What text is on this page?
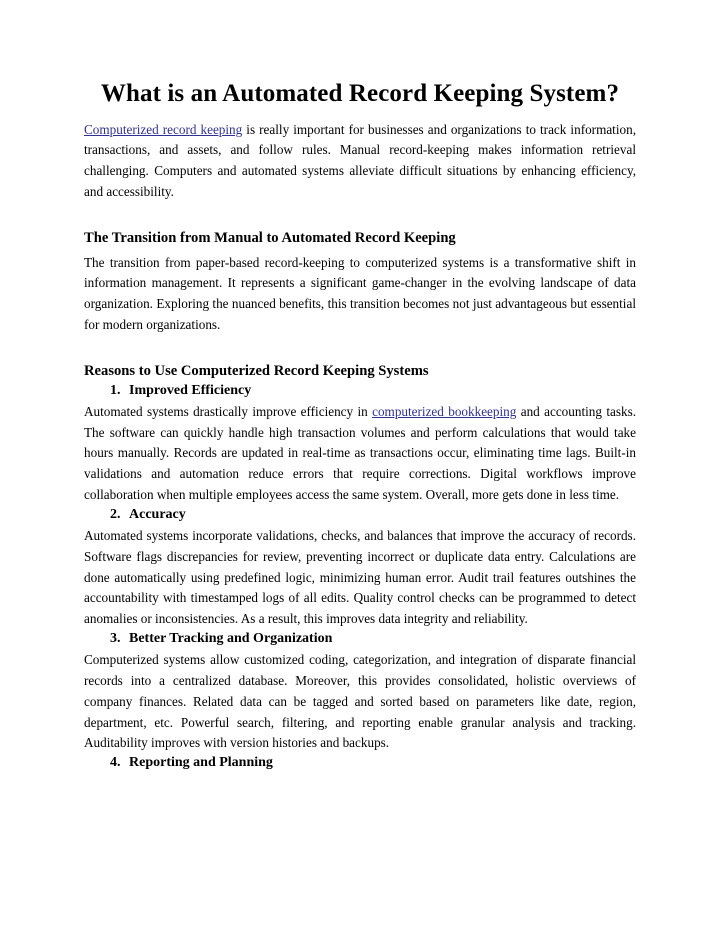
What is an Automated Record Keeping System?

Computerized record keeping is really important for businesses and organizations to track information, transactions, and assets, and follow rules. Manual record-keeping makes information retrieval challenging. Computers and automated systems alleviate difficult situations by enhancing efficiency, and accessibility.

The Transition from Manual to Automated Record Keeping

The transition from paper-based record-keeping to computerized systems is a transformative shift in information management. It represents a significant game-changer in the evolving landscape of data organization. Exploring the nuanced benefits, this transition becomes not just advantageous but essential for modern organizations.

Reasons to Use Computerized Record Keeping Systems
1. Improved Efficiency

Automated systems drastically improve efficiency in computerized bookkeeping and accounting tasks. The software can quickly handle high transaction volumes and perform calculations that would take hours manually. Records are updated in real-time as transactions occur, eliminating time lags. Built-in validations and automation reduce errors that require corrections. Digital workflows improve collaboration when multiple employees access the same system. Overall, more gets done in less time.

2. Accuracy

Automated systems incorporate validations, checks, and balances that improve the accuracy of records. Software flags discrepancies for review, preventing incorrect or duplicate data entry. Calculations are done automatically using predefined logic, minimizing human error. Audit trail features outshines the accountability with timestamped logs of all edits. Quality control checks can be programmed to detect anomalies or inconsistencies. As a result, this improves data integrity and reliability.

3. Better Tracking and Organization

Computerized systems allow customized coding, categorization, and integration of disparate financial records into a centralized database. Moreover, this provides consolidated, holistic overviews of company finances. Related data can be tagged and sorted based on parameters like date, region, department, etc. Powerful search, filtering, and reporting enable granular analysis and tracking. Auditability improves with version histories and backups.

4. Reporting and Planning
